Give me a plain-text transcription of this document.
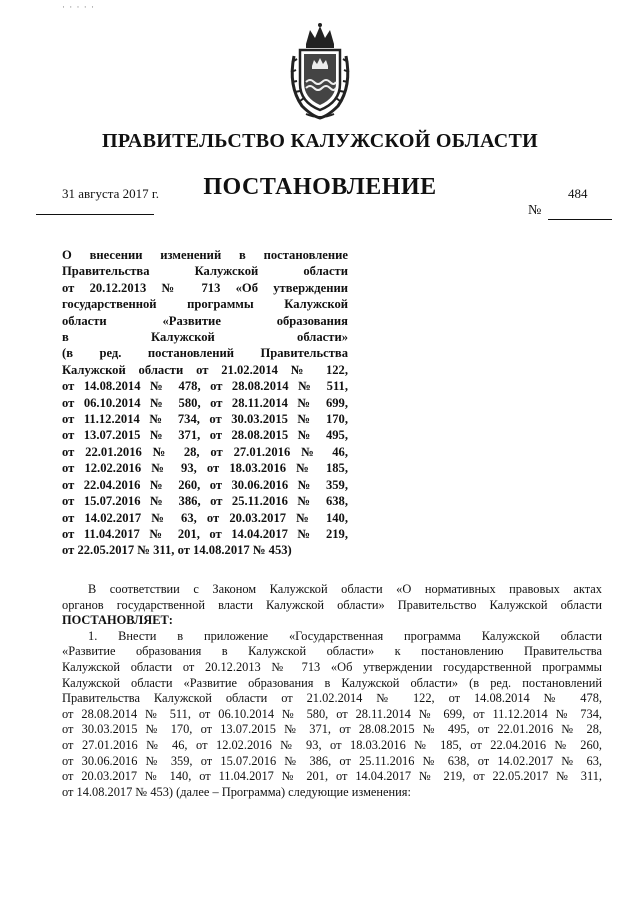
· · · · ·
ПРАВИТЕЛЬСТВО КАЛУЖСКОЙ ОБЛАСТИ
ПОСТАНОВЛЕНИЕ
31 августа 2017 г.	484
№
О внесении изменений в постановление
Правительства Калужской области
от 20.12.2013 № 713 «Об утверждении
государственной программы Калужской
области «Развитие образования
в Калужской области»
(в ред. постановлений Правительства
Калужской области от 21.02.2014 № 122,
от 14.08.2014 № 478, от 28.08.2014 № 511,
от 06.10.2014 № 580, от 28.11.2014 № 699,
от 11.12.2014 № 734, от 30.03.2015 № 170,
от 13.07.2015 № 371, от 28.08.2015 № 495,
от 22.01.2016 № 28, от 27.01.2016 № 46,
от 12.02.2016 № 93, от 18.03.2016 № 185,
от 22.04.2016 № 260, от 30.06.2016 № 359,
от 15.07.2016 № 386, от 25.11.2016 № 638,
от 14.02.2017 № 63, от 20.03.2017 № 140,
от 11.04.2017 № 201, от 14.04.2017 № 219,
от 22.05.2017 № 311, от 14.08.2017 № 453)
В соответствии с Законом Калужской области «О нормативных правовых актах
органов государственной власти Калужской области» Правительство Калужской области
ПОСТАНОВЛЯЕТ:
1. Внести в приложение «Государственная программа Калужской области
«Развитие образования в Калужской области» к постановлению Правительства
Калужской области от 20.12.2013 № 713 «Об утверждении государственной программы
Калужской области «Развитие образования в Калужской области» (в ред. постановлений
Правительства Калужской области от 21.02.2014 № 122, от 14.08.2014 № 478,
от 28.08.2014 № 511, от 06.10.2014 № 580, от 28.11.2014 № 699, от 11.12.2014 № 734,
от 30.03.2015 № 170, от 13.07.2015 № 371, от 28.08.2015 № 495, от 22.01.2016 № 28,
от 27.01.2016 № 46, от 12.02.2016 № 93, от 18.03.2016 № 185, от 22.04.2016 № 260,
от 30.06.2016 № 359, от 15.07.2016 № 386, от 25.11.2016 № 638, от 14.02.2017 № 63,
от 20.03.2017 № 140, от 11.04.2017 № 201, от 14.04.2017 № 219, от 22.05.2017 № 311,
от 14.08.2017 № 453) (далее – Программа) следующие изменения:
